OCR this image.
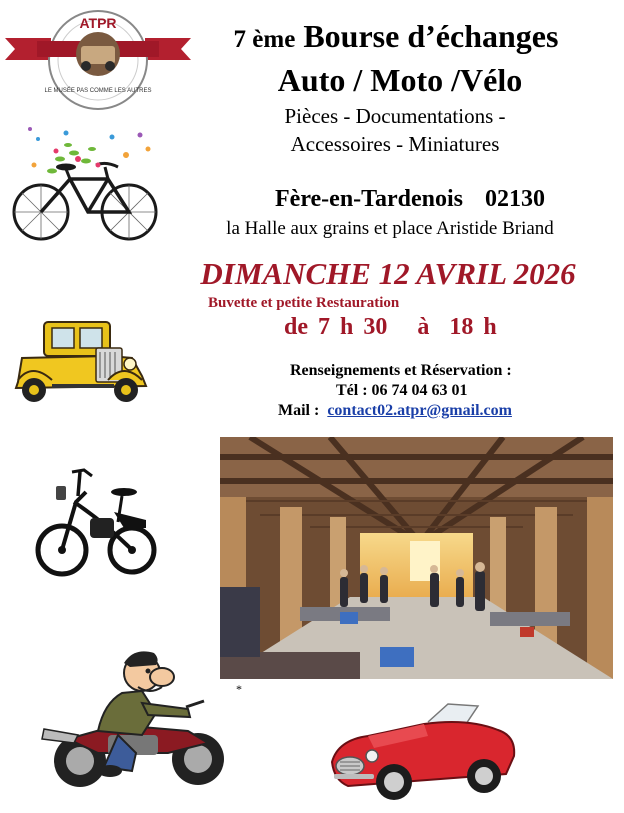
ATPR
LE MUSÉE PAS COMME LES AUTRES
7 ème Bourse d’échanges
Auto / Moto /Vélo
Pièces - Documentations -
Accessoires - Miniatures
Fère-en-Tardenois 02130
la Halle aux grains et place Aristide Briand
DIMANCHE 12 AVRIL 2026
Buvette et petite Restauration
de 7 h 30   à  18 h
Renseignements et Réservation :
Tél : 06 74 04 63 01
Mail :  contact02.atpr@gmail.com
*
